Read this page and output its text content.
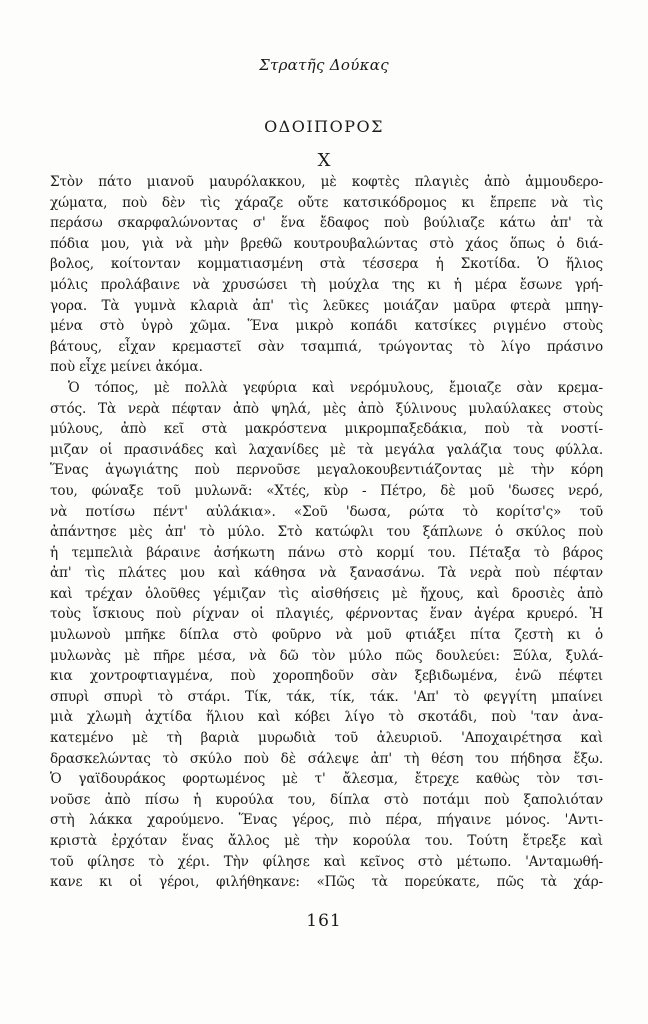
Στρατῆς Δούκας
ΟΔΟΙΠΟΡΟΣ
X
Στὸν πάτο μιανοῦ μαυρόλακκου, μὲ κοφτὲς πλαγιὲς ἀπὸ ἀμμουδερο-
χώματα, ποὺ δὲν τὶς χάραζε οὔτε κατσικόδρομος κι ἔπρεπε νὰ τὶς
περάσω σκαρφαλώνοντας σ' ἕνα ἔδαφος ποὺ βούλιαζε κάτω ἀπ' τὰ
πόδια μου, γιὰ νὰ μὴν βρεθῶ κουτρουβαλώντας στὸ χάος ὅπως ὁ διά-
βολος, κοίτονταν κομματιασμένη στὰ τέσσερα ἡ Σκοτίδα. Ὁ ἥλιος
μόλις προλάβαινε νὰ χρυσώσει τὴ μούχλα της κι ἡ μέρα ἔσωνε γρή-
γορα. Τὰ γυμνὰ κλαριὰ ἀπ' τὶς λεῦκες μοιάζαν μαῦρα φτερὰ μπηγ-
μένα στὸ ὑγρὸ χῶμα. Ἕνα μικρὸ κοπάδι κατσίκες ριγμένο στοὺς
βάτους, εἶχαν κρεμαστεῖ σὰν τσαμπιά, τρώγοντας τὸ λίγο πράσινο
ποὺ εἶχε μείνει ἀκόμα.
Ὁ τόπος, μὲ πολλὰ γεφύρια καὶ νερόμυλους, ἔμοιαζε σὰν κρεμα-
στός. Τὰ νερὰ πέφταν ἀπὸ ψηλά, μὲς ἀπὸ ξύλινους μυλαύλακες στοὺς
μύλους, ἀπὸ κεῖ στὰ μακρόστενα μικρομπαξεδάκια, ποὺ τὰ νοστί-
μιζαν οἱ πρασινάδες καὶ λαχανίδες μὲ τὰ μεγάλα γαλάζια τους φύλλα.
Ἕνας ἀγωγιάτης ποὺ περνοῦσε μεγαλοκουβεντιάζοντας μὲ τὴν κόρη
του, φώναξε τοῦ μυλωνᾶ: «Χτές, κὺρ - Πέτρο, δὲ μοῦ 'δωσες νερό,
νὰ ποτίσω πέντ' αὐλάκια». «Σοῦ 'δωσα, ρώτα τὸ κορίτσ'ς» τοῦ
ἀπάντησε μὲς ἀπ' τὸ μύλο. Στὸ κατώφλι του ξάπλωνε ὁ σκύλος ποὺ
ἡ τεμπελιὰ βάραινε ἀσήκωτη πάνω στὸ κορμί του. Πέταξα τὸ βάρος
ἀπ' τὶς πλάτες μου καὶ κάθησα νὰ ξανασάνω. Τὰ νερὰ ποὺ πέφταν
καὶ τρέχαν ὁλοῦθες γέμιζαν τὶς αἰσθήσεις μὲ ἤχους, καὶ δροσιὲς ἀπὸ
τοὺς ἴσκιους ποὺ ρίχναν οἱ πλαγιές, φέρνοντας ἕναν ἀγέρα κρυερό. Ἡ
μυλωνοὺ μπῆκε δίπλα στὸ φοῦρνο νὰ μοῦ φτιάξει πίτα ζεστὴ κι ὁ
μυλωνὰς μὲ πῆρε μέσα, νὰ δῶ τὸν μύλο πῶς δουλεύει: Ξύλα, ξυλά-
κια χοντροφτιαγμένα, ποὺ χοροπηδοῦν σὰν ξεβιδωμένα, ἐνῶ πέφτει
σπυρὶ σπυρὶ τὸ στάρι. Τίκ, τάκ, τίκ, τάκ. 'Απ' τὸ φεγγίτη μπαίνει
μιὰ χλωμὴ ἀχτίδα ἥλιου καὶ κόβει λίγο τὸ σκοτάδι, ποὺ 'ταν ἀνα-
κατεμένο μὲ τὴ βαριὰ μυρωδιὰ τοῦ ἀλευριοῦ. 'Αποχαιρέτησα καὶ
δρασκελώντας τὸ σκύλο ποὺ δὲ σάλεψε ἀπ' τὴ θέση του πήδησα ἔξω.
Ὁ γαϊδουράκος φορτωμένος μὲ τ' ἄλεσμα, ἔτρεχε καθὼς τὸν τσι-
νοῦσε ἀπὸ πίσω ἡ κυρούλα του, δίπλα στὸ ποτάμι ποὺ ξαπολιόταν
στὴ λάκκα χαρούμενο. Ἕνας γέρος, πιὸ πέρα, πήγαινε μόνος. 'Αντι-
κριστὰ ἐρχόταν ἕνας ἄλλος μὲ τὴν κορούλα του. Τούτη ἔτρεξε καὶ
τοῦ φίλησε τὸ χέρι. Τὴν φίλησε καὶ κεῖνος στὸ μέτωπο. 'Ανταμωθή-
κανε κι οἱ γέροι, φιλήθηκανε: «Πῶς τὰ πορεύκατε, πῶς τὰ χάρ-
161
